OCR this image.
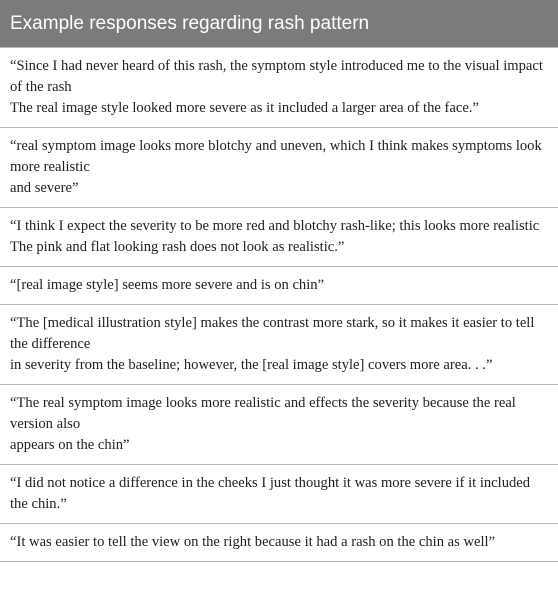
Example responses regarding rash pattern
“Since I had never heard of this rash, the symptom style introduced me to the visual impact of the rash
The real image style looked more severe as it included a larger area of the face.”
“real symptom image looks more blotchy and uneven, which I think makes symptoms look more realistic
and severe”
“I think I expect the severity to be more red and blotchy rash-like; this looks more realistic
The pink and flat looking rash does not look as realistic.”
“[real image style] seems more severe and is on chin”
“The [medical illustration style] makes the contrast more stark, so it makes it easier to tell the difference
in severity from the baseline; however, the [real image style] covers more area. . .”
“The real symptom image looks more realistic and effects the severity because the real version also
appears on the chin”
“I did not notice a difference in the cheeks I just thought it was more severe if it included the chin.”
“It was easier to tell the view on the right because it had a rash on the chin as well”
